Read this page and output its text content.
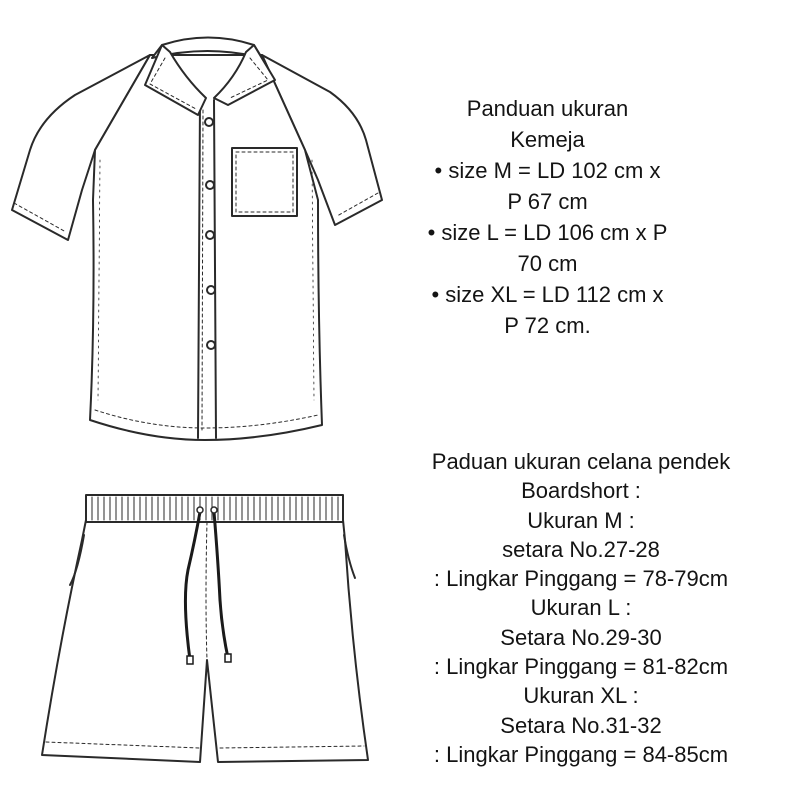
Panduan ukuran
Kemeja
• size M = LD 102 cm x
P 67 cm
• size L = LD 106 cm x P
70 cm
• size XL = LD 112 cm x
P 72 cm.
Paduan ukuran celana pendek
Boardshort :
Ukuran M :
setara No.27-28
: Lingkar Pinggang = 78-79cm
Ukuran L :
Setara No.29-30
: Lingkar Pinggang = 81-82cm
Ukuran XL :
Setara No.31-32
: Lingkar Pinggang = 84-85cm
